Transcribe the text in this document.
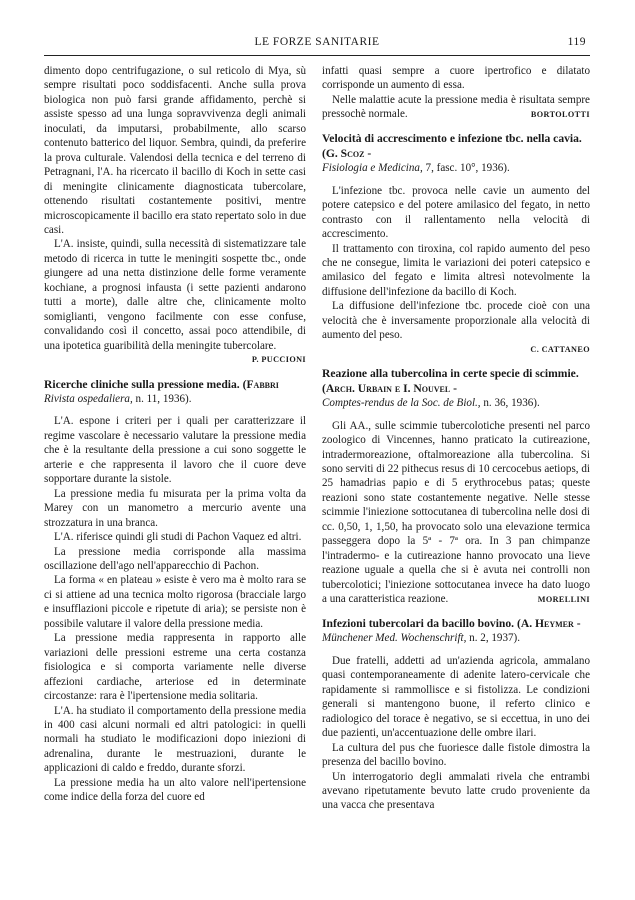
LE FORZE SANITARIE	119

dimento dopo centrifugazione, o sul reticolo di Mya, sù sempre risultati poco soddisfacenti. Anche sulla prova biologica non può farsi grande affidamento, perchè si assiste spesso ad una lunga sopravvivenza degli animali inoculati, da imputarsi, probabilmente, allo scarso contenuto batterico del liquor. Sembra, quindi, da preferire la prova culturale. Valendosi della tecnica e del terreno di Petragnani, l'A. ha ricercato il bacillo di Koch in sette casi di meningite clinicamente diagnosticata tubercolare, ottenendo risultati costantemente positivi, mentre microscopicamente il bacillo era stato repertato solo in due casi.

L'A. insiste, quindi, sulla necessità di sistematizzare tale metodo di ricerca in tutte le meningiti sospette tbc., onde giungere ad una netta distinzione delle forme veramente kochiane, a prognosi infausta (i sette pazienti andarono tutti a morte), dalle altre che, clinicamente molto somiglianti, vengono facilmente con esse confuse, convalidando così il concetto, assai poco attendibile, di una ipotetica guaribilità della meningite tubercolare.

P. PUCCIONI
Ricerche cliniche sulla pressione media. (Fabbri
Rivista ospedaliera, n. 11, 1936).

L'A. espone i criteri per i quali per caratterizzare il regime vascolare è necessario valutare la pressione media che è la resultante della pressione a cui sono soggette le arterie e che rappresenta il lavoro che il cuore deve sopportare durante la sistole.

La pressione media fu misurata per la prima volta da Marey con un manometro a mercurio avente una strozzatura in una branca.

L'A. riferisce quindi gli studi di Pachon Vaquez ed altri.

La pressione media corrisponde alla massima oscillazione dell'ago nell'apparecchio di Pachon.

La forma « en plateau » esiste è vero ma è molto rara se ci si attiene ad una tecnica molto rigorosa (bracciale largo e insufflazioni piccole e ripetute di aria); se persiste non è possibile valutare il valore della pressione media.

La pressione media rappresenta in rapporto alle variazioni delle pressioni estreme una certa costanza fisiologica e si comporta variamente nelle diverse affezioni cardiache, arteriose ed in determinate circostanze: rara è l'ipertensione media solitaria.

L'A. ha studiato il comportamento della pressione media in 400 casi alcuni normali ed altri patologici: in quelli normali ha studiato le modificazioni dopo iniezioni di adrenalina, durante le mestruazioni, durante le applicazioni di caldo e freddo, durante sforzi.

La pressione media ha un alto valore nell'ipertensione come indice della forza del cuore ed

infatti quasi sempre a cuore ipertrofico e dilatato corrisponde un aumento di essa.

Nelle malattie acute la pressione media è risultata sempre pressochè normale.	BORTOLOTTI
Velocità di accrescimento e infezione tbc. nella cavia. (G. Scoz -
Fisiologia e Medicina, 7, fasc. 10°, 1936).

L'infezione tbc. provoca nelle cavie un aumento del potere catepsico e del potere amilasico del fegato, in netto contrasto con il rallentamento nella velocità di accrescimento.

Il trattamento con tiroxina, col rapido aumento del peso che ne consegue, limita le variazioni dei poteri catepsico e amilasico del fegato e limita altresì notevolmente la diffusione dell'infezione da bacillo di Koch.

La diffusione dell'infezione tbc. procede cioè con una velocità che è inversamente proporzionale alla velocità di aumento del peso.

C. CATTANEO
Reazione alla tubercolina in certe specie di scimmie. (Arch. Urbain e I. Nouvel -
Comptes-rendus de la Soc. de Biol., n. 36, 1936).

Gli AA., sulle scimmie tubercolotiche presenti nel parco zoologico di Vincennes, hanno praticato la cutireazione, intradermoreazione, oftalmoreazione alla tubercolina. Si sono serviti di 22 pithecus resus di 10 cercocebus aetiops, di 25 hamadrias papio e di 5 erythrocebus patas; queste reazioni sono state costantemente negative. Nelle stesse scimmie l'iniezione sottocutanea di tubercolina nelle dosi di cc. 0,50, 1, 1,50, ha provocato solo una elevazione termica passeggera dopo la 5ª - 7ª ora. In 3 pan chimpanze l'intradermo- e la cutireazione hanno provocato una lieve reazione uguale a quella che si è avuta nei controlli non tubercolotici; l'iniezione sottocutanea invece ha dato luogo a una caratteristica reazione.	MORELLINI
Infezioni tubercolari da bacillo bovino. (A. Heymer -
Münchener Med. Wochenschrift, n. 2, 1937).

Due fratelli, addetti ad un'azienda agricola, ammalano quasi contemporaneamente di adenite latero-cervicale che rapidamente si rammollisce e si fistolizza. Le condizioni generali si mantengono buone, il referto clinico e radiologico del torace è negativo, se si eccettua, in uno dei due pazienti, un'accentuazione delle ombre ilari.

La cultura del pus che fuoriesce dalle fistole dimostra la presenza del bacillo bovino.

Un interrogatorio degli ammalati rivela che entrambi avevano ripetutamente bevuto latte crudo proveniente da una vacca che presentava
